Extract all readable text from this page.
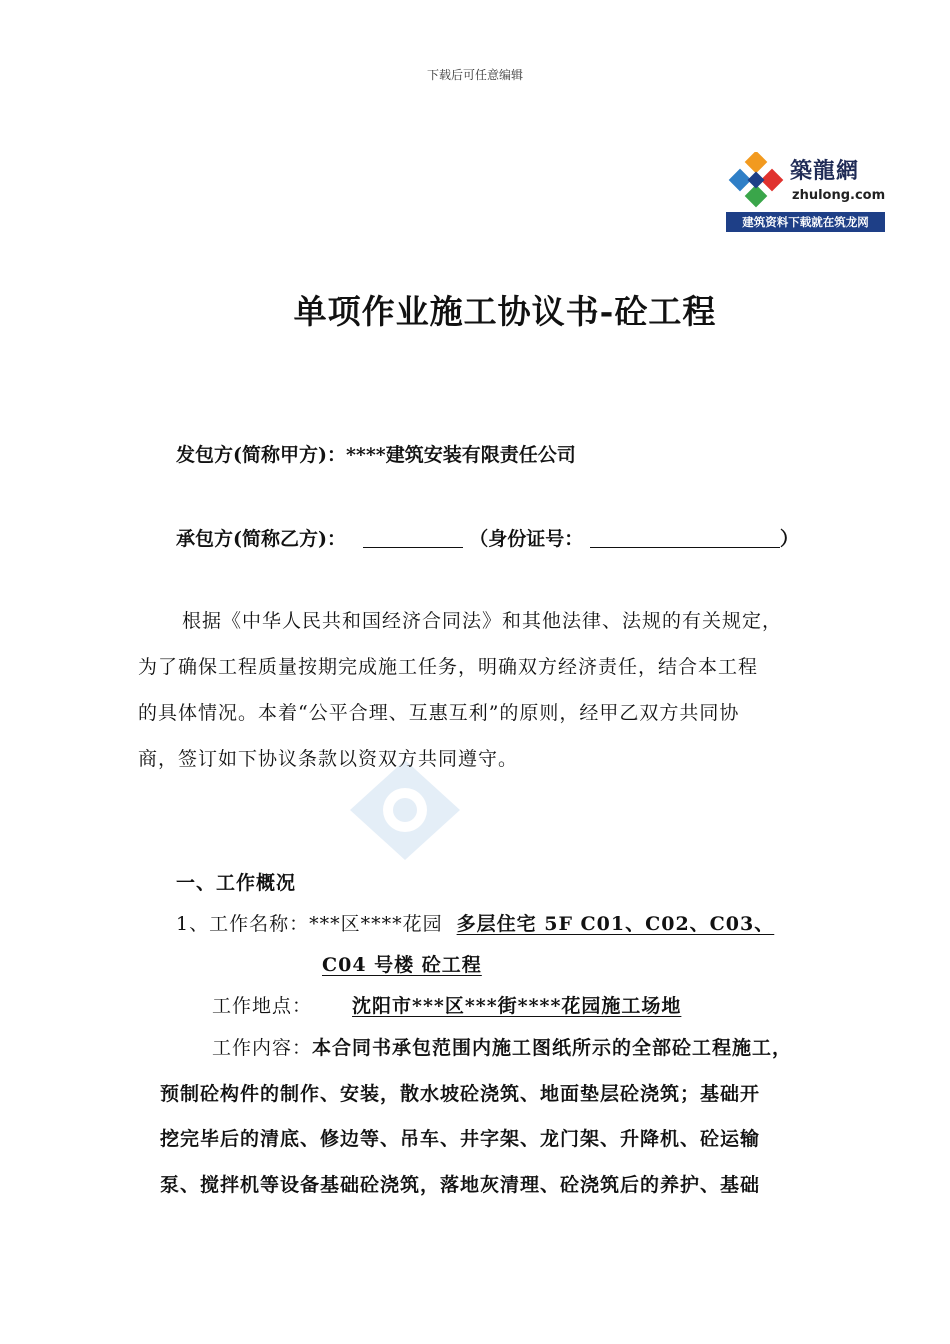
下载后可任意编辑
築龍網
zhulong.com
建筑资料下载就在筑龙网
单项作业施工协议书-砼工程
发包方(简称甲方)：****建筑安装有限责任公司
承包方(简称乙方)：	（身份证号：	）
根据《中华人民共和国经济合同法》和其他法律、法规的有关规定，
为了确保工程质量按期完成施工任务，明确双方经济责任，结合本工程
的具体情况。本着“公平合理、互惠互利”的原则，经甲乙双方共同协
商，签订如下协议条款以资双方共同遵守。
一、工作概况
1、工作名称：***区****花园 多层住宅 5F C01、C02、C03、
C04 号楼 砼工程
工作地点： 沈阳市***区***街****花园施工场地
工作内容：本合同书承包范围内施工图纸所示的全部砼工程施工，
预制砼构件的制作、安装，散水坡砼浇筑、地面垫层砼浇筑；基础开
挖完毕后的清底、修边等、吊车、井字架、龙门架、升降机、砼运输
泵、搅拌机等设备基础砼浇筑，落地灰清理、砼浇筑后的养护、基础
